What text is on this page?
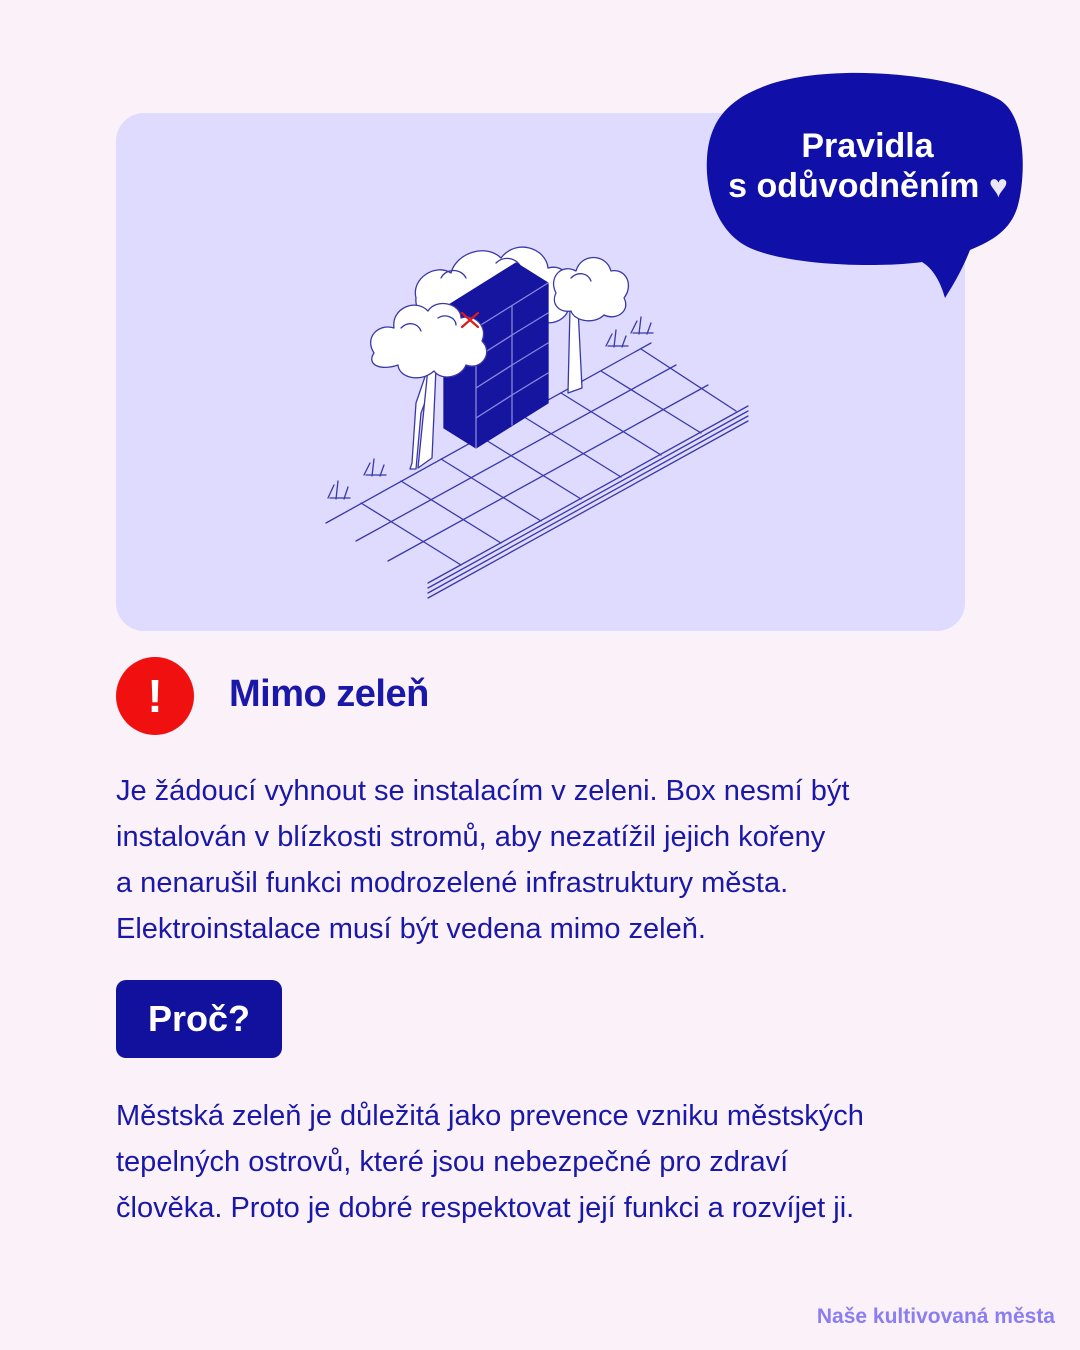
Pravidla
s odůvodněním ♥
!	Mimo zeleň
Je žádoucí vyhnout se instalacím v zeleni. Box nesmí být
instalován v blízkosti stromů, aby nezatížil jejich kořeny
a nenarušil funkci modrozelené infrastruktury města.
Elektroinstalace musí být vedena mimo zeleň.
Proč?
Městská zeleň je důležitá jako prevence vzniku městských
tepelných ostrovů, které jsou nebezpečné pro zdraví
člověka. Proto je dobré respektovat její funkci a rozvíjet ji.
Naše kultivovaná města
